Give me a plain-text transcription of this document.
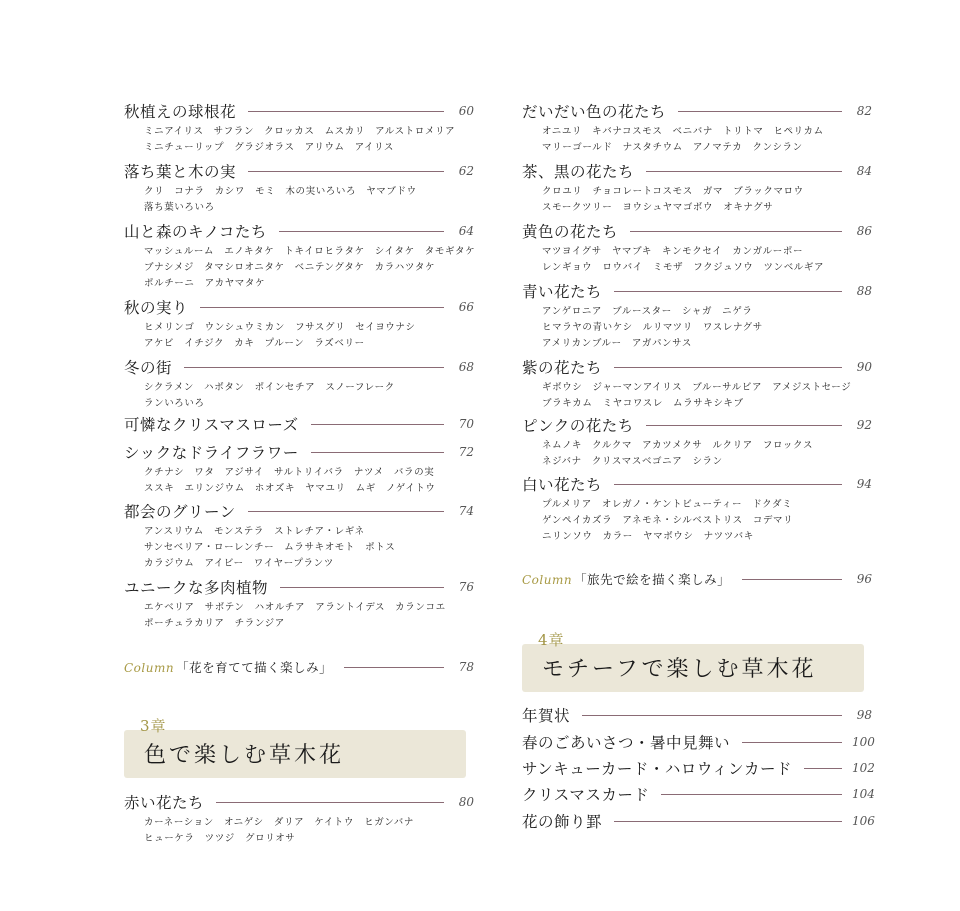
秋植えの球根花	60
ミニアイリス　サフラン　クロッカス　ムスカリ　アルストロメリア
ミニチューリップ　グラジオラス　アリウム　アイリス
落ち葉と木の実	62
クリ　コナラ　カシワ　モミ　木の実いろいろ　ヤマブドウ
落ち葉いろいろ
山と森のキノコたち	64
マッシュルーム　エノキタケ　トキイロヒラタケ　シイタケ　タモギタケ
ブナシメジ　タマシロオニタケ　ベニテングタケ　カラハツタケ
ポルチーニ　アカヤマタケ
秋の実り	66
ヒメリンゴ　ウンシュウミカン　フサスグリ　セイヨウナシ
アケビ　イチジク　カキ　プルーン　ラズベリー
冬の街	68
シクラメン　ハボタン　ポインセチア　スノーフレーク
ランいろいろ
可憐なクリスマスローズ	70
シックなドライフラワー	72
クチナシ　ワタ　アジサイ　サルトリイバラ　ナツメ　バラの実
ススキ　エリンジウム　ホオズキ　ヤマユリ　ムギ　ノゲイトウ
都会のグリーン	74
アンスリウム　モンステラ　ストレチア・レギネ
サンセベリア・ローレンチー　ムラサキオモト　ポトス
カラジウム　アイビー　ワイヤープランツ
ユニークな多肉植物	76
エケベリア　サボテン　ハオルチア　アラントイデス　カランコエ
ポーチュラカリア　チランジア
Column 「花を育てて描く楽しみ」	78
3章
色で楽しむ草木花
赤い花たち	80
カーネーション　オニゲシ　ダリア　ケイトウ　ヒガンバナ
ヒューケラ　ツツジ　グロリオサ
だいだい色の花たち	82
オニユリ　キバナコスモス　ベニバナ　トリトマ　ヒペリカム
マリーゴールド　ナスタチウム　アノマテカ　クンシラン
茶、黒の花たち	84
クロユリ　チョコレートコスモス　ガマ　ブラックマロウ
スモークツリー　ヨウシュヤマゴボウ　オキナグサ
黄色の花たち	86
マツヨイグサ　ヤマブキ　キンモクセイ　カンガルーポー
レンギョウ　ロウバイ　ミモザ　フクジュソウ　ツンベルギア
青い花たち	88
アンゲロニア　ブルースター　シャガ　ニゲラ
ヒマラヤの青いケシ　ルリマツリ　ワスレナグサ
アメリカンブルー　アガパンサス
紫の花たち	90
ギボウシ　ジャーマンアイリス　ブルーサルビア　アメジストセージ
ブラキカム　ミヤコワスレ　ムラサキシキブ
ピンクの花たち	92
ネムノキ　クルクマ　アカツメクサ　ルクリア　フロックス
ネジバナ　クリスマスベゴニア　シラン
白い花たち	94
プルメリア　オレガノ・ケントビューティー　ドクダミ
ゲンペイカズラ　アネモネ・シルベストリス　コデマリ
ニリンソウ　カラー　ヤマボウシ　ナツツバキ
Column 「旅先で絵を描く楽しみ」	96
4章
モチーフで楽しむ草木花
年賀状	98
春のごあいさつ・暑中見舞い	100
サンキューカード・ハロウィンカード	102
クリスマスカード	104
花の飾り罫	106
